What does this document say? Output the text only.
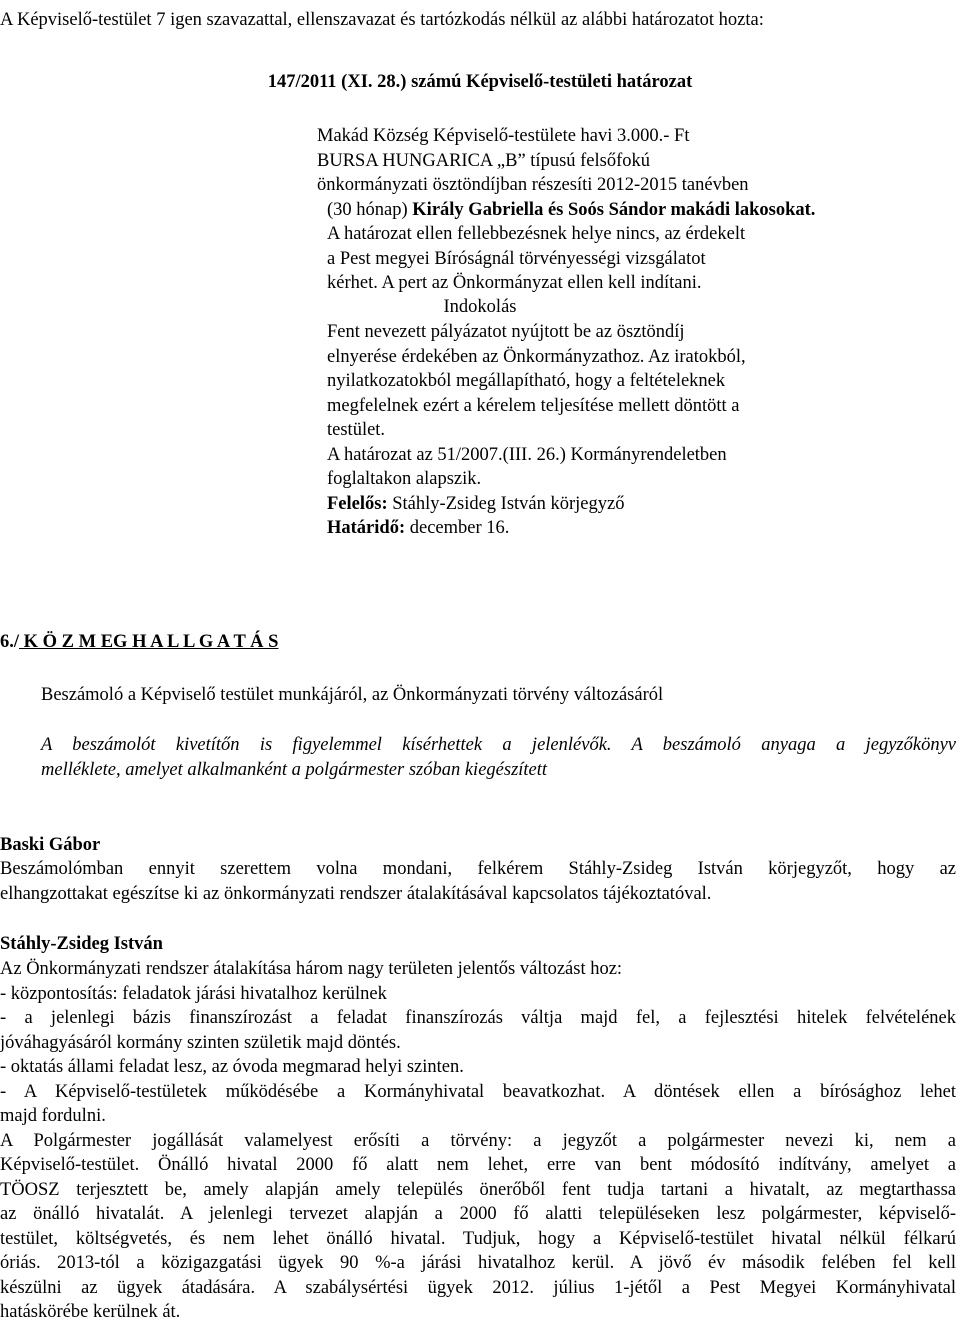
A Képviselő-testület 7 igen szavazattal, ellenszavazat és tartózkodás nélkül az alábbi határozatot hozta:
147/2011 (XI. 28.) számú Képviselő-testületi határozat
Makád Község Képviselő-testülete havi 3.000.- Ft
BURSA HUNGARICA „B” típusú felsőfokú
önkormányzati ösztöndíjban részesíti 2012-2015 tanévben
(30 hónap) Király Gabriella és Soós Sándor makádi lakosokat.
A határozat ellen fellebbezésnek helye nincs, az érdekelt
a Pest megyei Bíróságnál törvényességi vizsgálatot
kérhet. A pert az Önkormányzat ellen kell indítani.
Indokolás
Fent nevezett pályázatot nyújtott be az ösztöndíj
elnyerése érdekében az Önkormányzathoz. Az iratokból,
nyilatkozatokból megállapítható, hogy a feltételeknek
megfelelnek ezért a kérelem teljesítése mellett döntött a
testület.
A határozat az 51/2007.(III. 26.) Kormányrendeletben
foglaltakon alapszik.
Felelős: Stáhly-Zsideg István körjegyző
Határidő: december 16.
6./ K Ö Z M EG H A L L G A T Á S
Beszámoló a Képviselő testület munkájáról, az Önkormányzati törvény változásáról
A beszámolót kivetítőn is figyelemmel kísérhettek a jelenlévők. A beszámoló anyaga a jegyzőkönyv
melléklete, amelyet alkalmanként a polgármester szóban kiegészített
Baski Gábor
Beszámolómban ennyit szerettem volna mondani, felkérem Stáhly-Zsideg István körjegyzőt, hogy az
elhangzottakat egészítse ki az önkormányzati rendszer átalakításával kapcsolatos tájékoztatóval.
Stáhly-Zsideg István
Az Önkormányzati rendszer átalakítása három nagy területen jelentős változást hoz:
- központosítás: feladatok járási hivatalhoz kerülnek
- a jelenlegi bázis finanszírozást a feladat finanszírozás váltja majd fel, a fejlesztési hitelek felvételének
jóváhagyásáról kormány szinten születik majd döntés.
- oktatás állami feladat lesz, az óvoda megmarad helyi szinten.
- A Képviselő-testületek működésébe a Kormányhivatal beavatkozhat. A döntések ellen a bírósághoz lehet
majd fordulni.
A Polgármester jogállását valamelyest erősíti a törvény: a jegyzőt a polgármester nevezi ki, nem a
Képviselő-testület. Önálló hivatal 2000 fő alatt nem lehet, erre van bent módosító indítvány, amelyet a
TÖOSZ terjesztett be, amely alapján amely település önerőből fent tudja tartani a hivatalt, az megtarthassa
az önálló hivatalát. A jelenlegi tervezet alapján a 2000 fő alatti településeken lesz polgármester, képviselő-
testület, költségvetés, és nem lehet önálló hivatal. Tudjuk, hogy a Képviselő-testület hivatal nélkül félkarú
óriás. 2013-tól a közigazgatási ügyek 90 %-a járási hivatalhoz kerül. A jövő év második felében fel kell
készülni az ügyek átadására. A szabálysértési ügyek 2012. július 1-jétől a Pest Megyei Kormányhivatal
hatáskörébe kerülnek át.
